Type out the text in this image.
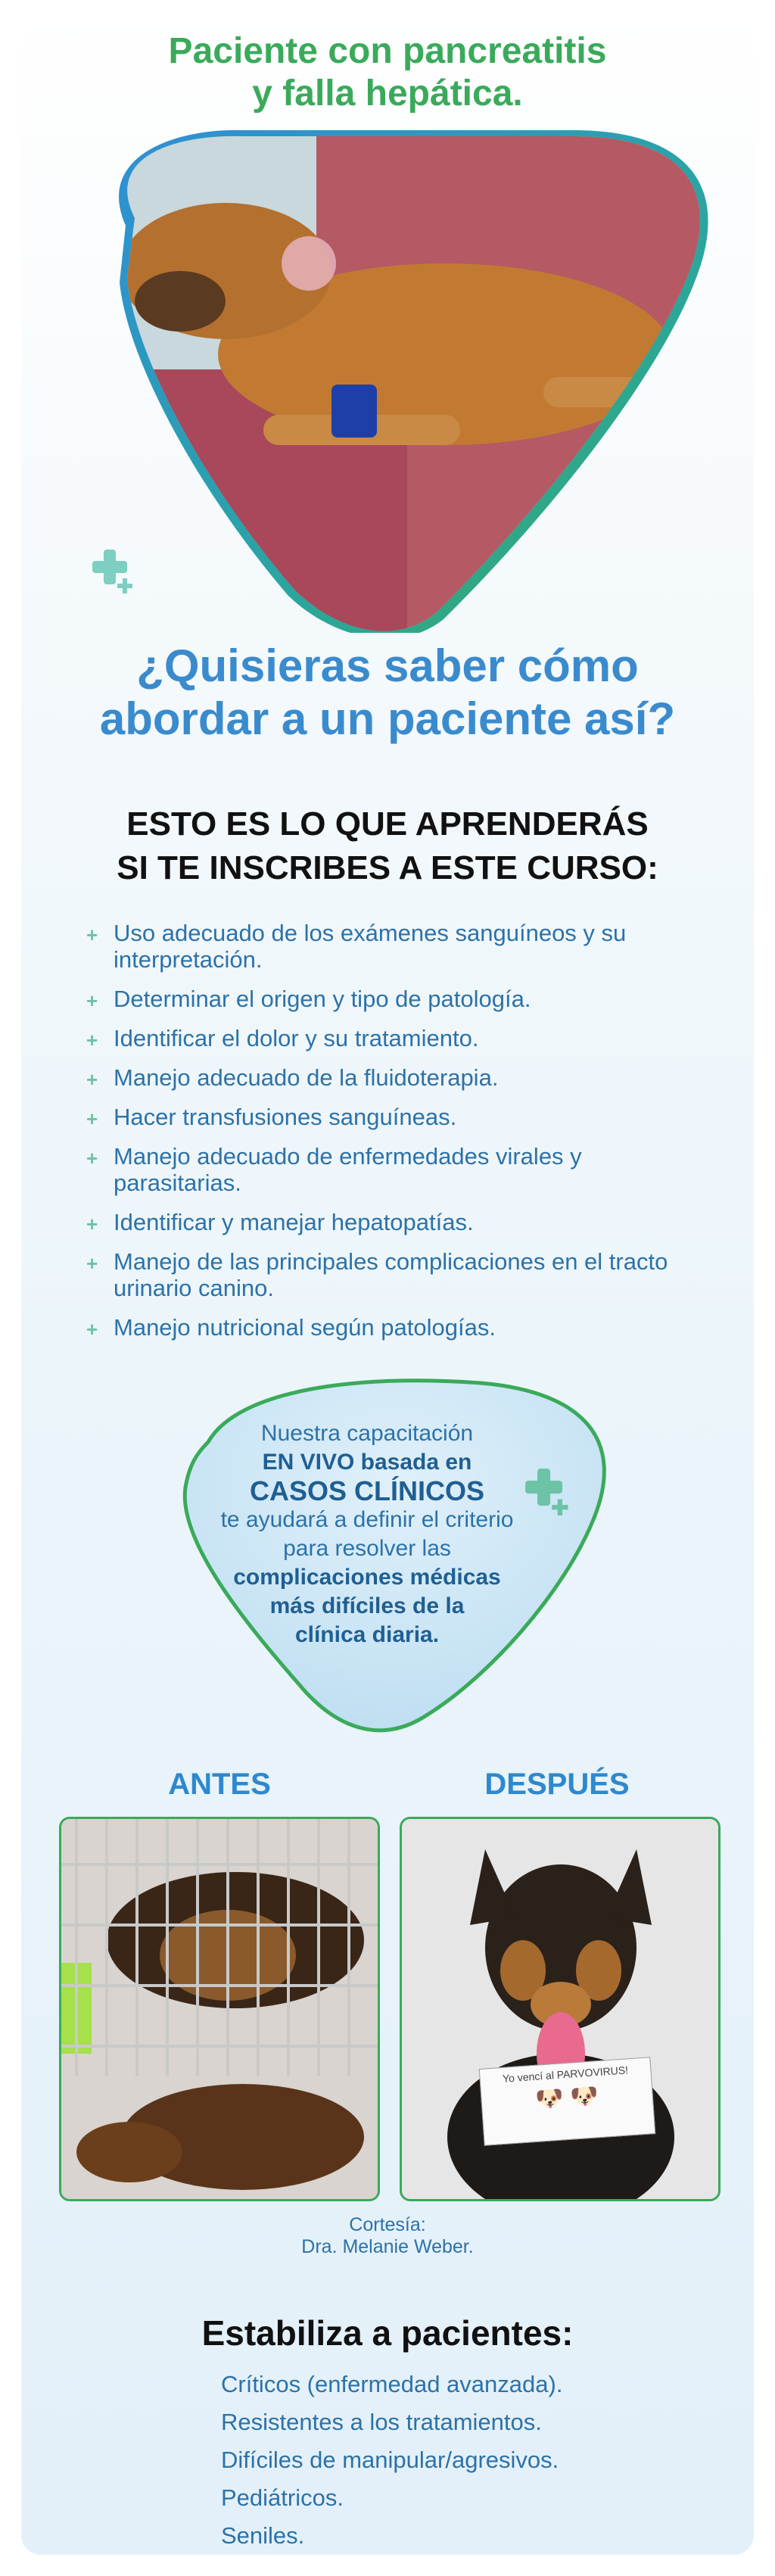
Paciente con pancreatitis
y falla hepática.
¿Quisieras saber cómo
abordar a un paciente así?
ESTO ES LO QUE APRENDERÁS
SI TE INSCRIBES A ESTE CURSO:
+ Uso adecuado de los exámenes sanguíneos y su interpretación.
+ Determinar el origen y tipo de patología.
+ Identificar el dolor y su tratamiento.
+ Manejo adecuado de la fluidoterapia.
+ Hacer transfusiones sanguíneas.
+ Manejo adecuado de enfermedades virales y parasitarias.
+ Identificar y manejar hepatopatías.
+ Manejo de las principales complicaciones en el tracto urinario canino.
+ Manejo nutricional según patologías.
Nuestra capacitación
EN VIVO basada en
CASOS CLÍNICOS
te ayudará a definir el criterio
para resolver las
complicaciones médicas
más difíciles de la
clínica diaria.
ANTES	DESPUÉS
Yo vencí al PARVOVIRUS!
🐶 🐶
Cortesía:
Dra. Melanie Weber.
Estabiliza a pacientes:
Críticos (enfermedad avanzada).
Resistentes a los tratamientos.
Difíciles de manipular/agresivos.
Pediátricos.
Seniles.
